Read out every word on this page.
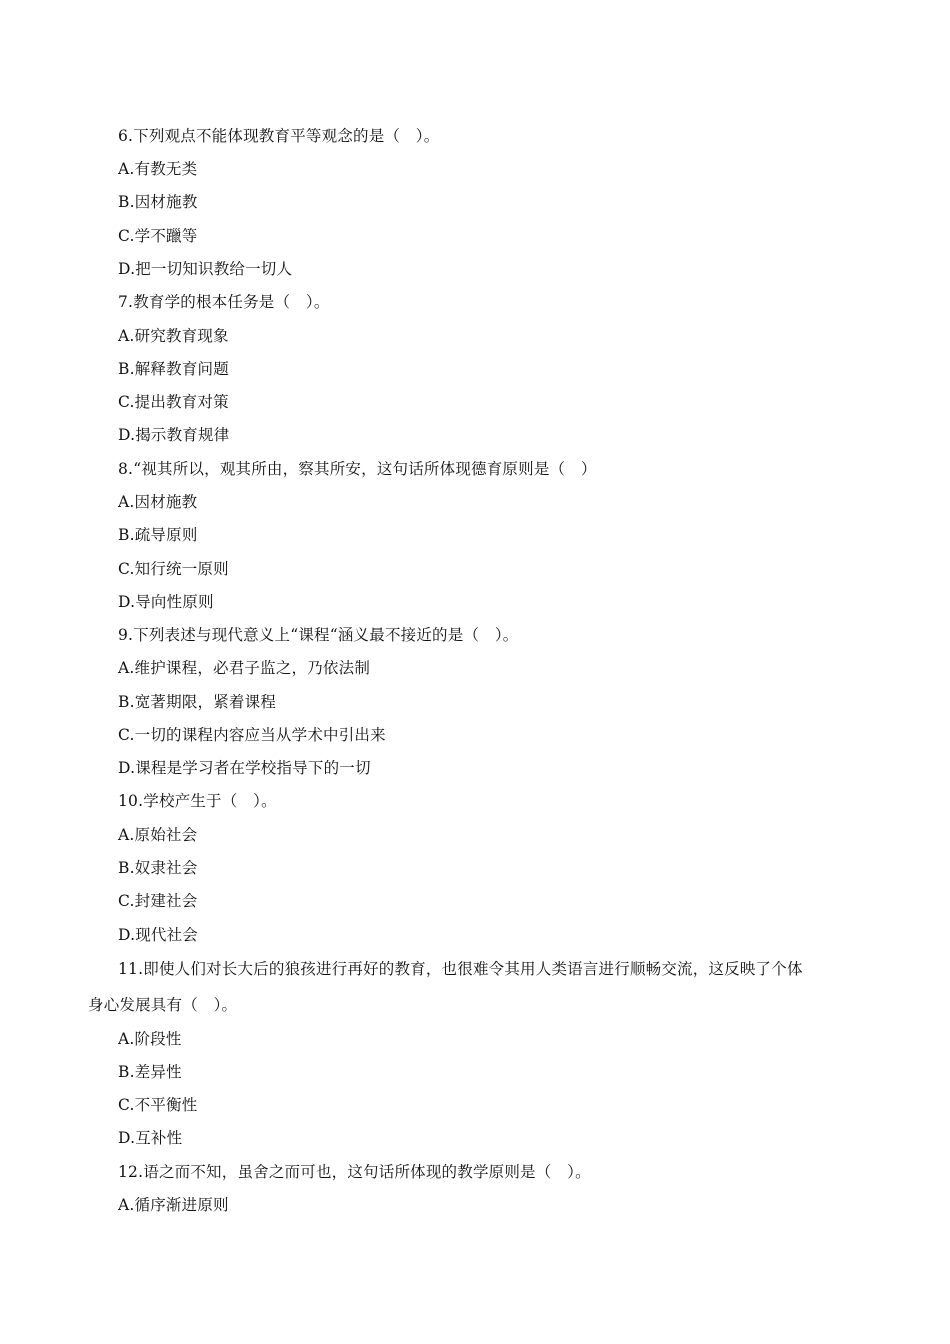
6.下列观点不能体现教育平等观念的是（　）。
A.有教无类
B.因材施教
C.学不躐等
D.把一切知识教给一切人
7.教育学的根本任务是（　）。
A.研究教育现象
B.解释教育问题
C.提出教育对策
D.揭示教育规律
8.“视其所以，观其所由，察其所安，这句话所体现德育原则是（　）
A.因材施教
B.疏导原则
C.知行统一原则
D.导向性原则
9.下列表述与现代意义上“课程“涵义最不接近的是（　）。
A.维护课程，必君子监之，乃依法制
B.宽著期限，紧着课程
C.一切的课程内容应当从学术中引出来
D.课程是学习者在学校指导下的一切
10.学校产生于（　）。
A.原始社会
B.奴隶社会
C.封建社会
D.现代社会
11.即使人们对长大后的狼孩进行再好的教育，也很难令其用人类语言进行顺畅交流，这反映了个体
身心发展具有（　）。
A.阶段性
B.差异性
C.不平衡性
D.互补性
12.语之而不知，虽舍之而可也，这句话所体现的教学原则是（　）。
A.循序渐进原则
